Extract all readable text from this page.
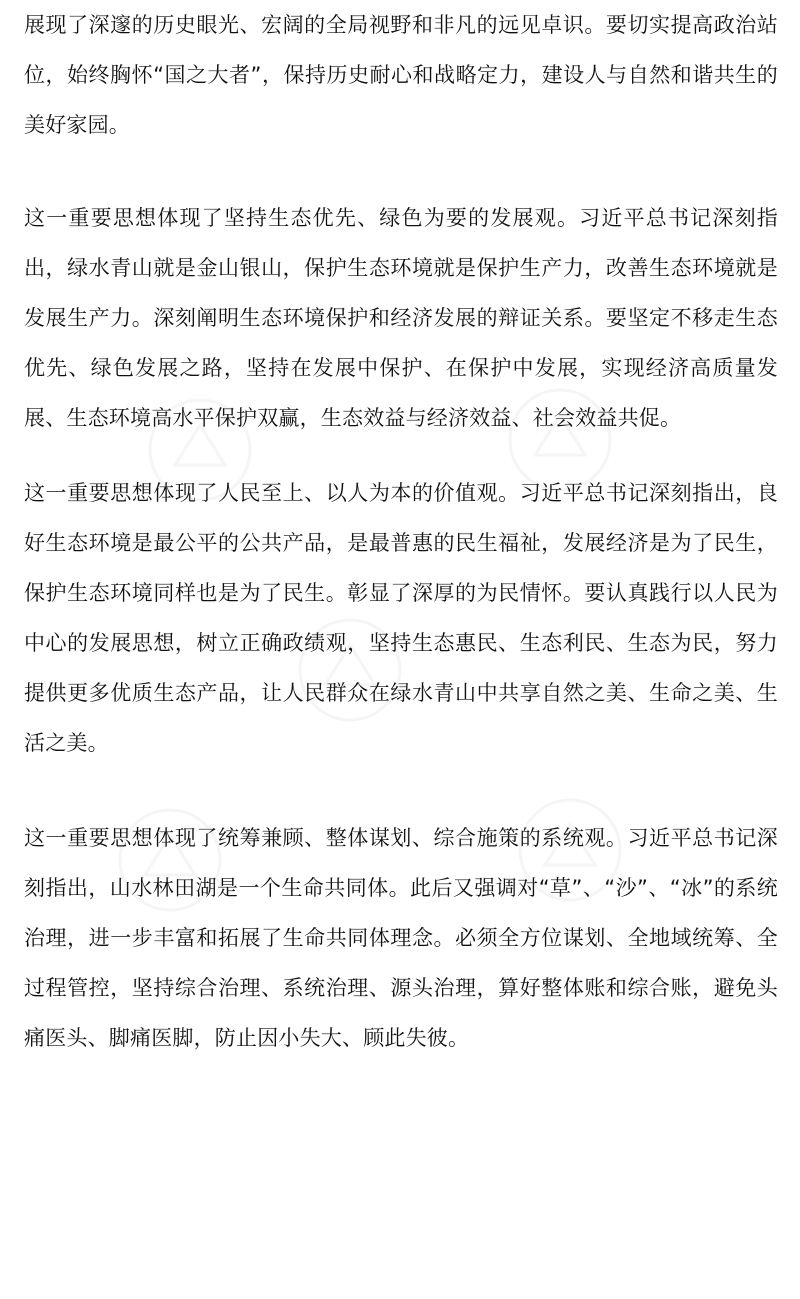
展现了深邃的历史眼光、宏阔的全局视野和非凡的远见卓识。要切实提高政治站位，始终胸怀“国之大者”，保持历史耐心和战略定力，建设人与自然和谐共生的美好家园。

这一重要思想体现了坚持生态优先、绿色为要的发展观。习近平总书记深刻指出，绿水青山就是金山银山，保护生态环境就是保护生产力，改善生态环境就是发展生产力。深刻阐明生态环境保护和经济发展的辩证关系。要坚定不移走生态优先、绿色发展之路，坚持在发展中保护、在保护中发展，实现经济高质量发展、生态环境高水平保护双赢，生态效益与经济效益、社会效益共促。

这一重要思想体现了人民至上、以人为本的价值观。习近平总书记深刻指出，良好生态环境是最公平的公共产品，是最普惠的民生福祉，发展经济是为了民生，保护生态环境同样也是为了民生。彰显了深厚的为民情怀。要认真践行以人民为中心的发展思想，树立正确政绩观，坚持生态惠民、生态利民、生态为民，努力提供更多优质生态产品，让人民群众在绿水青山中共享自然之美、生命之美、生活之美。

这一重要思想体现了统筹兼顾、整体谋划、综合施策的系统观。习近平总书记深刻指出，山水林田湖是一个生命共同体。此后又强调对“草”、“沙”、“冰”的系统治理，进一步丰富和拓展了生命共同体理念。必须全方位谋划、全地域统筹、全过程管控，坚持综合治理、系统治理、源头治理，算好整体账和综合账，避免头痛医头、脚痛医脚，防止因小失大、顾此失彼。
